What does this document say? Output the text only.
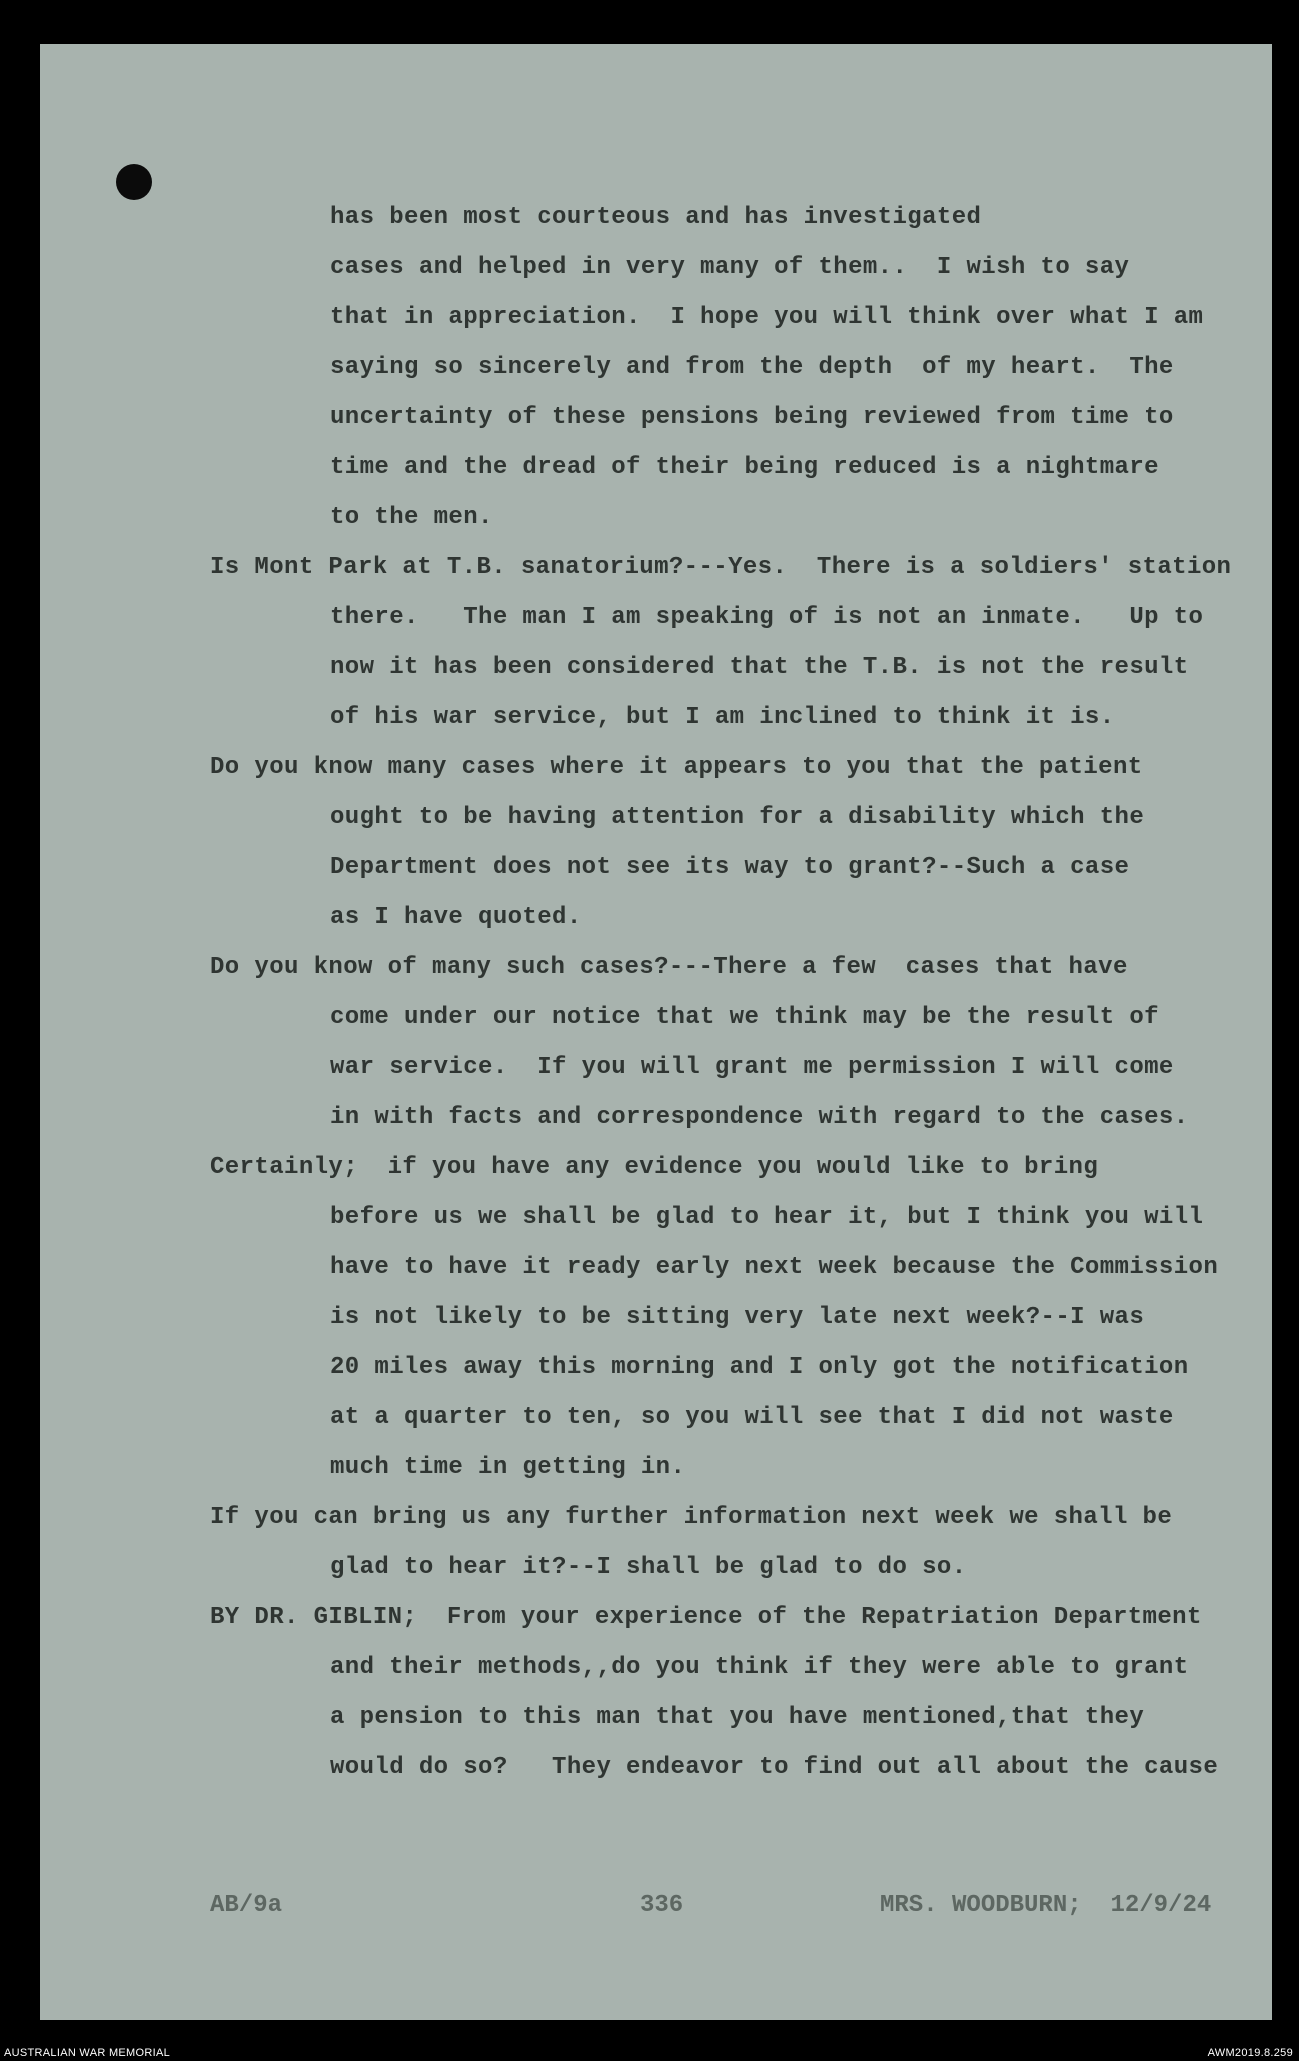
has been most courteous and has investigated
cases and helped in very many of them..  I wish to say
that in appreciation.  I hope you will think over what I am
saying so sincerely and from the depth  of my heart.  The
uncertainty of these pensions being reviewed from time to
time and the dread of their being reduced is a nightmare
to the men.
Is Mont Park at T.B. sanatorium?---Yes.  There is a soldiers' station
there.   The man I am speaking of is not an inmate.   Up to
now it has been considered that the T.B. is not the result
of his war service, but I am inclined to think it is.
Do you know many cases where it appears to you that the patient
ought to be having attention for a disability which the
Department does not see its way to grant?--Such a case
as I have quoted.
Do you know of many such cases?---There a few  cases that have
come under our notice that we think may be the result of
war service.  If you will grant me permission I will come
in with facts and correspondence with regard to the cases.
Certainly;  if you have any evidence you would like to bring
before us we shall be glad to hear it, but I think you will
have to have it ready early next week because the Commission
is not likely to be sitting very late next week?--I was
20 miles away this morning and I only got the notification
at a quarter to ten, so you will see that I did not waste
much time in getting in.
If you can bring us any further information next week we shall be
glad to hear it?--I shall be glad to do so.
BY DR. GIBLIN;  From your experience of the Repatriation Department
and their methods,,do you think if they were able to grant
a pension to this man that you have mentioned,that they
would do so?   They endeavor to find out all about the cause
AB/9a	336	MRS. WOODBURN;  12/9/24
AUSTRALIAN WAR MEMORIAL	AWM2019.8.259
